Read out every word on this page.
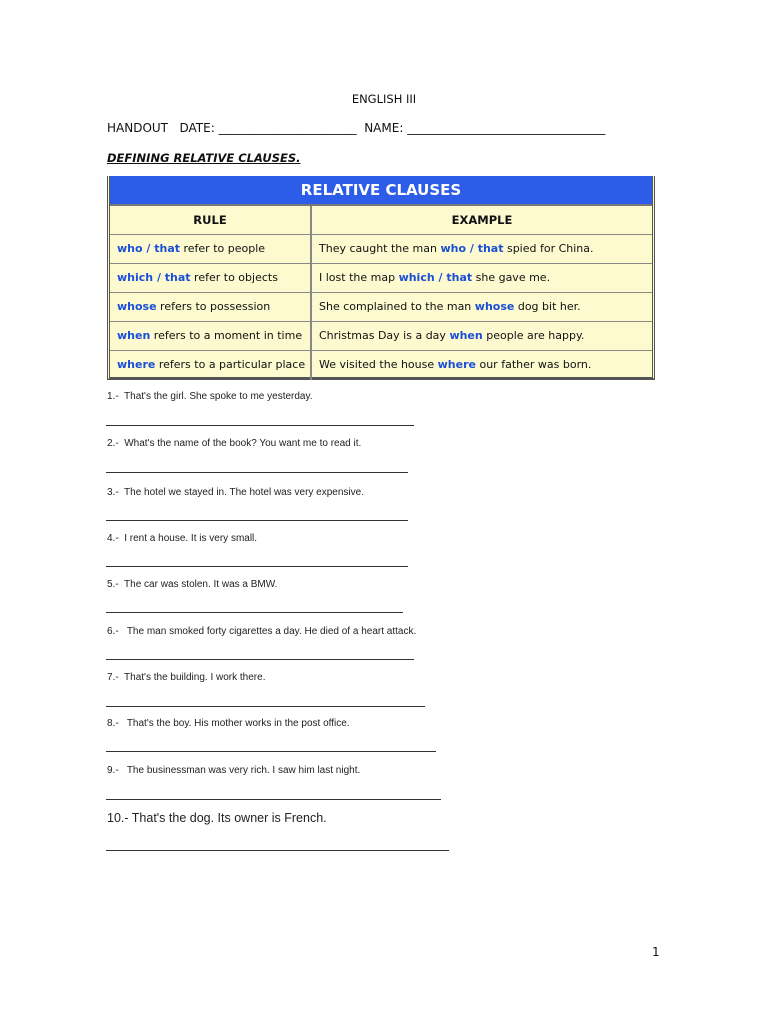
ENGLISH III
HANDOUT DATE: _______________________ NAME: _________________________________
DEFINING RELATIVE CLAUSES.
RELATIVE CLAUSES
RULE	EXAMPLE
who / that refer to people	They caught the man who / that spied for China.
which / that refer to objects	I lost the map which / that she gave me.
whose refers to possession	She complained to the man whose dog bit her.
when refers to a moment in time	Christmas Day is a day when people are happy.
where refers to a particular place	We visited the house where our father was born.
1.-  That's the girl. She spoke to me yesterday.
2.-  What's the name of the book? You want me to read it.
3.-  The hotel we stayed in. The hotel was very expensive.
4.-  I rent a house. It is very small.
5.-  The car was stolen. It was a BMW.
6.-   The man smoked forty cigarettes a day. He died of a heart attack.
7.-  That's the building. I work there.
8.-   That's the boy. His mother works in the post office.
9.-   The businessman was very rich. I saw him last night.
10.- That's the dog. Its owner is French.
1
